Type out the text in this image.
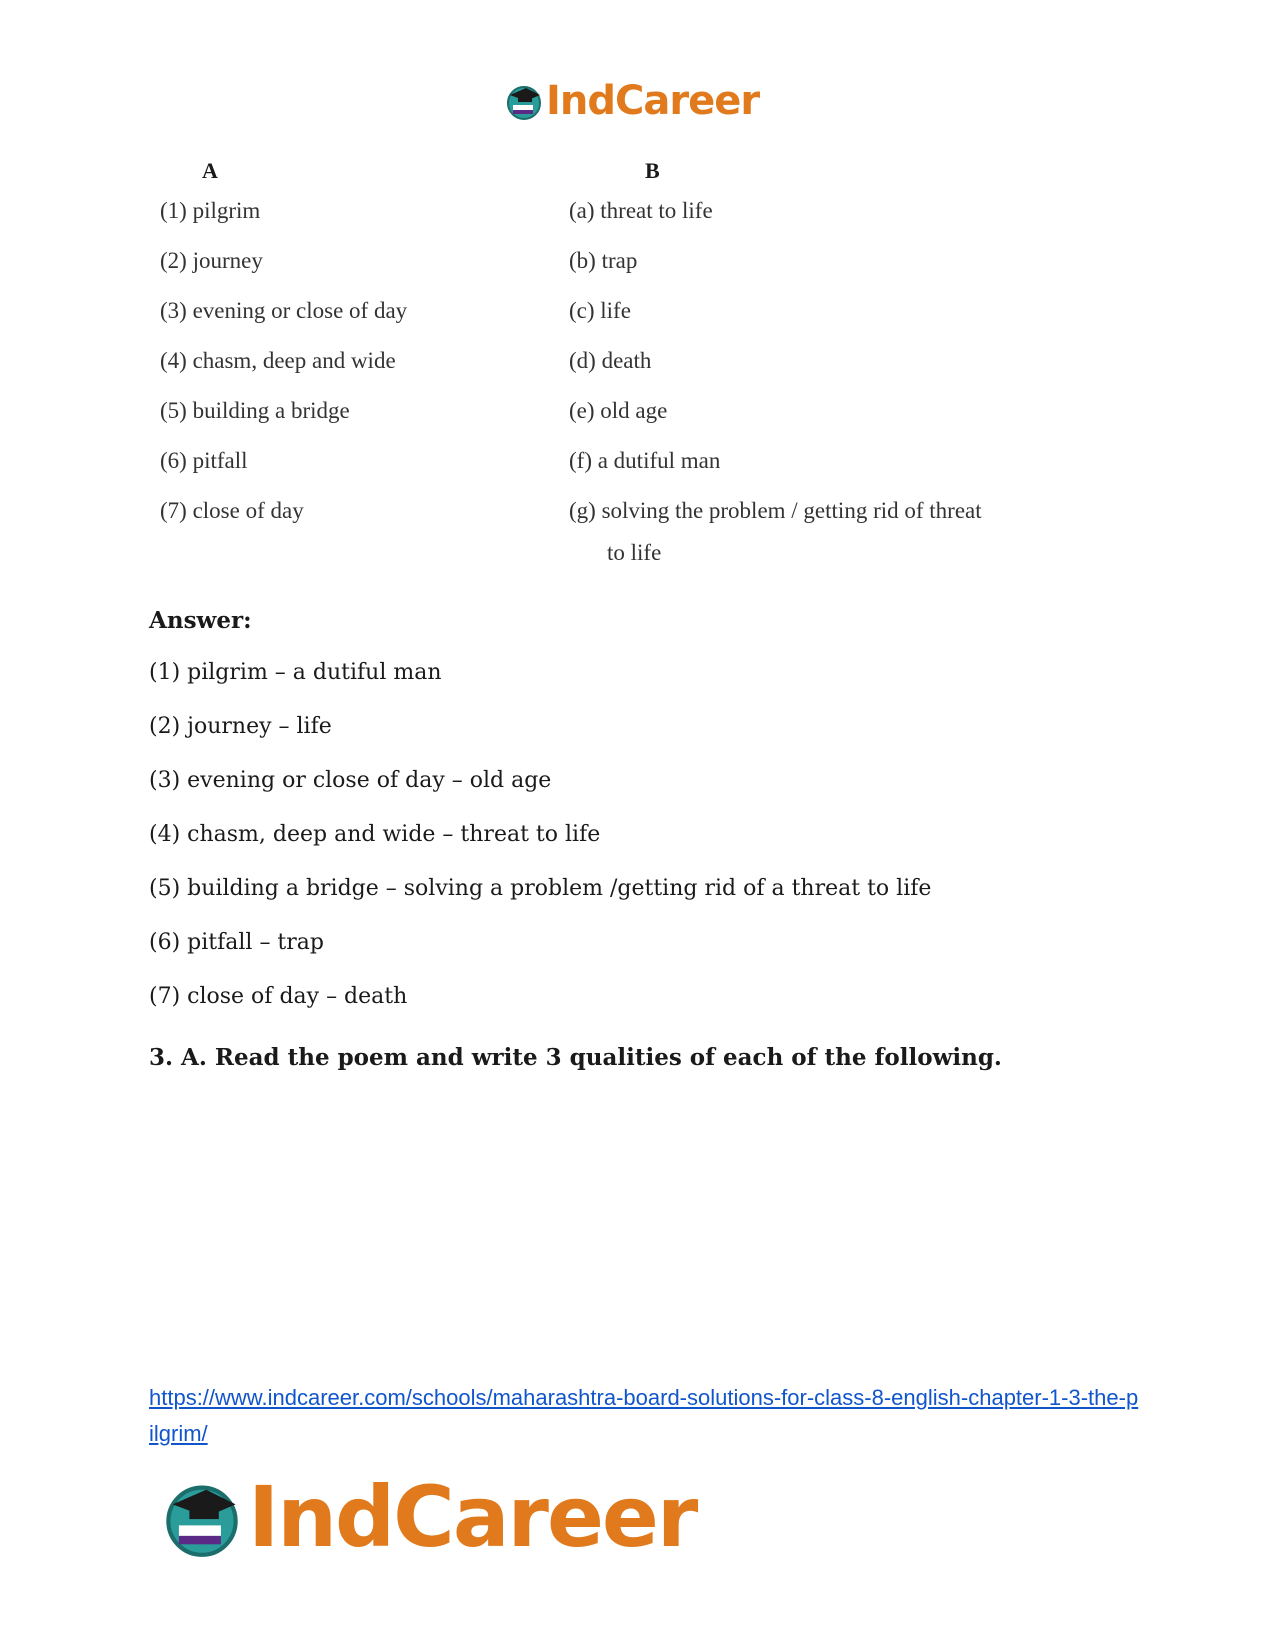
IndCareer
A	B
(1) pilgrim
(2) journey
(3) evening or close of day
(4) chasm, deep and wide
(5) building a bridge
(6) pitfall
(7) close of day
(a) threat to life
(b) trap
(c) life
(d) death
(e) old age
(f) a dutiful man
(g) solving the problem / getting rid of threat
to life
Answer:
(1) pilgrim – a dutiful man
(2) journey – life
(3) evening or close of day – old age
(4) chasm, deep and wide – threat to life
(5) building a bridge – solving a problem /getting rid of a threat to life
(6) pitfall – trap
(7) close of day – death
3. A. Read the poem and write 3 qualities of each of the following.
https://www.indcareer.com/schools/maharashtra-board-solutions-for-class-8-english-chapter-1-3-the-pilgrim/
IndCareer
